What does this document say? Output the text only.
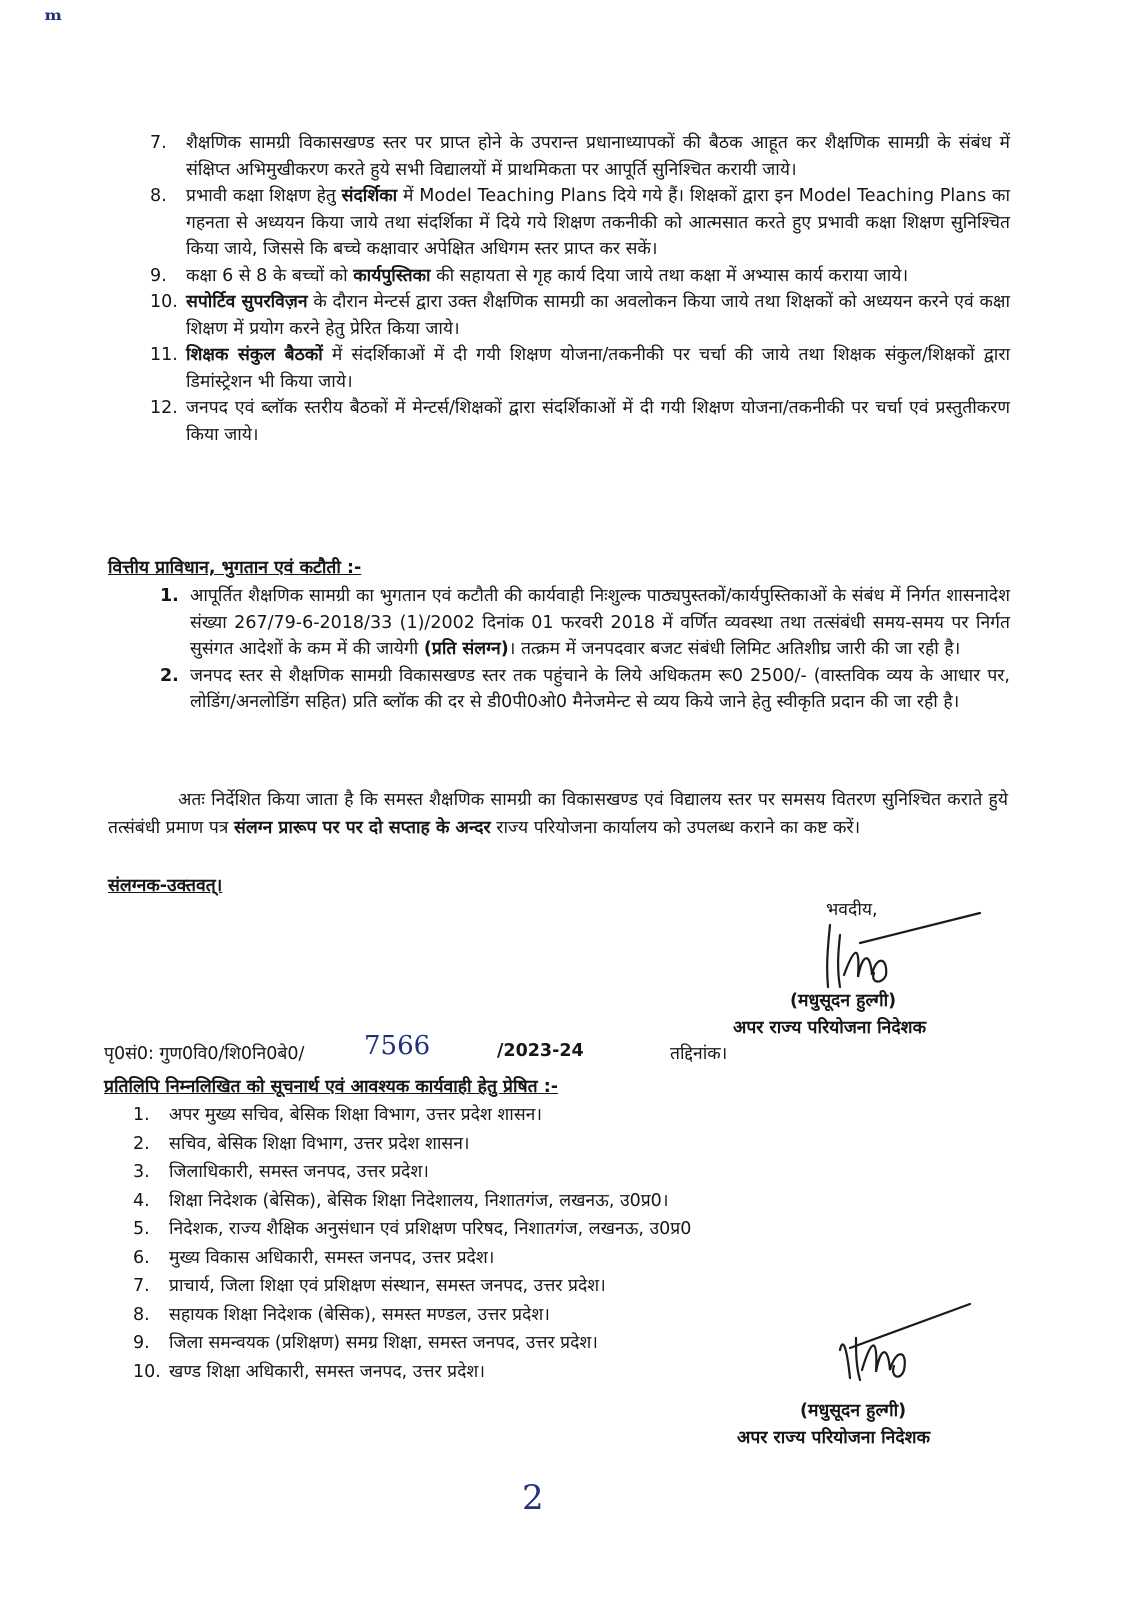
ᵐ
7.	शैक्षणिक सामग्री विकासखण्ड स्तर पर प्राप्त होने के उपरान्त प्रधानाध्यापकों की बैठक आहूत कर शैक्षणिक सामग्री के संबंध में संक्षिप्त अभिमुखीकरण करते हुये सभी विद्यालयों में प्राथमिकता पर आपूर्ति सुनिश्चित करायी जाये।
8.	प्रभावी कक्षा शिक्षण हेतु संदर्शिका में Model Teaching Plans दिये गये हैं। शिक्षकों द्वारा इन Model Teaching Plans का गहनता से अध्ययन किया जाये तथा संदर्शिका में दिये गये शिक्षण तकनीकी को आत्मसात करते हुए प्रभावी कक्षा शिक्षण सुनिश्चित किया जाये, जिससे कि बच्चे कक्षावार अपेक्षित अधिगम स्तर प्राप्त कर सकें।
9.	कक्षा 6 से 8 के बच्चों को कार्यपुस्तिका की सहायता से गृह कार्य दिया जाये तथा कक्षा में अभ्यास कार्य कराया जाये।
10. सपोर्टिव सुपरविज़न के दौरान मेन्टर्स द्वारा उक्त शैक्षणिक सामग्री का अवलोकन किया जाये तथा शिक्षकों को अध्ययन करने एवं कक्षा शिक्षण में प्रयोग करने हेतु प्रेरित किया जाये।
11. शिक्षक संकुल बैठकों में संदर्शिकाओं में दी गयी शिक्षण योजना/तकनीकी पर चर्चा की जाये तथा शिक्षक संकुल/शिक्षकों द्वारा डिमांस्ट्रेशन भी किया जाये।
12. जनपद एवं ब्लॉक स्तरीय बैठकों में मेन्टर्स/शिक्षकों द्वारा संदर्शिकाओं में दी गयी शिक्षण योजना/तकनीकी पर चर्चा एवं प्रस्तुतीकरण किया जाये।
वित्तीय प्राविधान, भुगतान एवं कटौती :-
1. आपूर्तित शैक्षणिक सामग्री का भुगतान एवं कटौती की कार्यवाही निःशुल्क पाठ्यपुस्तकों/कार्यपुस्तिकाओं के संबंध में निर्गत शासनादेश संख्या 267/79-6-2018/33 (1)/2002 दिनांक 01 फरवरी 2018 में वर्णित व्यवस्था तथा तत्संबंधी समय-समय पर निर्गत सुसंगत आदेशों के कम में की जायेगी (प्रति संलग्न)। तत्क्रम में जनपदवार बजट संबंधी लिमिट अतिशीघ्र जारी की जा रही है।
2. जनपद स्तर से शैक्षणिक सामग्री विकासखण्ड स्तर तक पहुंचाने के लिये अधिकतम रू0 2500/- (वास्तविक व्यय के आधार पर, लोडिंग/अनलोडिंग सहित) प्रति ब्लॉक की दर से डी0पी0ओ0 मैनेजमेन्ट से व्यय किये जाने हेतु स्वीकृति प्रदान की जा रही है।
अतः निर्देशित किया जाता है कि समस्त शैक्षणिक सामग्री का विकासखण्ड एवं विद्यालय स्तर पर समसय वितरण सुनिश्चित कराते हुये तत्संबंधी प्रमाण पत्र संलग्न प्रारूप पर पर दो सप्ताह के अन्दर राज्य परियोजना कार्यालय को उपलब्ध कराने का कष्ट करें।
संलग्नक-उक्तवत्।
भवदीय,
(मधुसूदन हुल्गी)
अपर राज्य परियोजना निदेशक
पृ0सं0: गुण0वि0/शि0नि0बे0/ 7566	/2023-24	तद्दिनांक।
प्रतिलिपि निम्नलिखित को सूचनार्थ एवं आवश्यक कार्यवाही हेतु प्रेषित :-
1.	अपर मुख्य सचिव, बेसिक शिक्षा विभाग, उत्तर प्रदेश शासन।
2.	सचिव, बेसिक शिक्षा विभाग, उत्तर प्रदेश शासन।
3.	जिलाधिकारी, समस्त जनपद, उत्तर प्रदेश।
4.	शिक्षा निदेशक (बेसिक), बेसिक शिक्षा निदेशालय, निशातगंज, लखनऊ, उ0प्र0।
5.	निदेशक, राज्य शैक्षिक अनुसंधान एवं प्रशिक्षण परिषद, निशातगंज, लखनऊ, उ0प्र0
6.	मुख्य विकास अधिकारी, समस्त जनपद, उत्तर प्रदेश।
7.	प्राचार्य, जिला शिक्षा एवं प्रशिक्षण संस्थान, समस्त जनपद, उत्तर प्रदेश।
8.	सहायक शिक्षा निदेशक (बेसिक), समस्त मण्डल, उत्तर प्रदेश।
9.	जिला समन्वयक (प्रशिक्षण) समग्र शिक्षा, समस्त जनपद, उत्तर प्रदेश।
10. खण्ड शिक्षा अधिकारी, समस्त जनपद, उत्तर प्रदेश।
(मधुसूदन हुल्गी)
अपर राज्य परियोजना निदेशक
2
